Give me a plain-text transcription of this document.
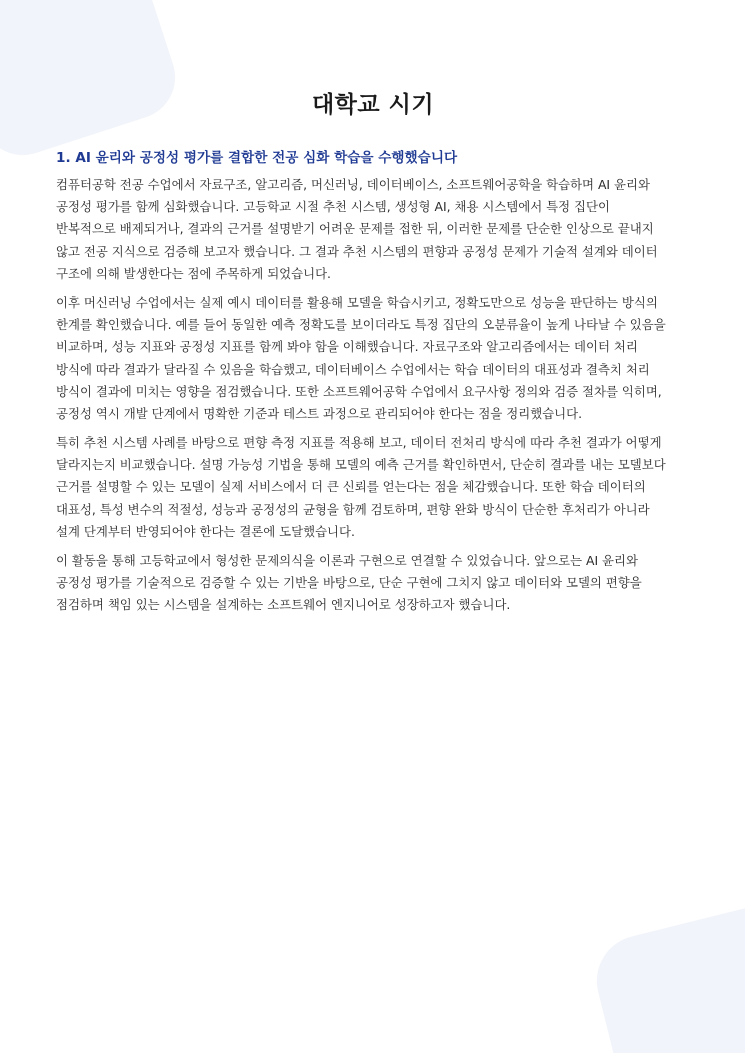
대학교 시기
1. AI 윤리와 공정성 평가를 결합한 전공 심화 학습을 수행했습니다

컴퓨터공학 전공 수업에서 자료구조, 알고리즘, 머신러닝, 데이터베이스, 소프트웨어공학을 학습하며 AI 윤리와
공정성 평가를 함께 심화했습니다. 고등학교 시절 추천 시스템, 생성형 AI, 채용 시스템에서 특정 집단이
반복적으로 배제되거나, 결과의 근거를 설명받기 어려운 문제를 접한 뒤, 이러한 문제를 단순한 인상으로 끝내지
않고 전공 지식으로 검증해 보고자 했습니다. 그 결과 추천 시스템의 편향과 공정성 문제가 기술적 설계와 데이터
구조에 의해 발생한다는 점에 주목하게 되었습니다.

이후 머신러닝 수업에서는 실제 예시 데이터를 활용해 모델을 학습시키고, 정확도만으로 성능을 판단하는 방식의
한계를 확인했습니다. 예를 들어 동일한 예측 정확도를 보이더라도 특정 집단의 오분류율이 높게 나타날 수 있음을
비교하며, 성능 지표와 공정성 지표를 함께 봐야 함을 이해했습니다. 자료구조와 알고리즘에서는 데이터 처리
방식에 따라 결과가 달라질 수 있음을 학습했고, 데이터베이스 수업에서는 학습 데이터의 대표성과 결측치 처리
방식이 결과에 미치는 영향을 점검했습니다. 또한 소프트웨어공학 수업에서 요구사항 정의와 검증 절차를 익히며,
공정성 역시 개발 단계에서 명확한 기준과 테스트 과정으로 관리되어야 한다는 점을 정리했습니다.

특히 추천 시스템 사례를 바탕으로 편향 측정 지표를 적용해 보고, 데이터 전처리 방식에 따라 추천 결과가 어떻게
달라지는지 비교했습니다. 설명 가능성 기법을 통해 모델의 예측 근거를 확인하면서, 단순히 결과를 내는 모델보다
근거를 설명할 수 있는 모델이 실제 서비스에서 더 큰 신뢰를 얻는다는 점을 체감했습니다. 또한 학습 데이터의
대표성, 특성 변수의 적절성, 성능과 공정성의 균형을 함께 검토하며, 편향 완화 방식이 단순한 후처리가 아니라
설계 단계부터 반영되어야 한다는 결론에 도달했습니다.

이 활동을 통해 고등학교에서 형성한 문제의식을 이론과 구현으로 연결할 수 있었습니다. 앞으로는 AI 윤리와
공정성 평가를 기술적으로 검증할 수 있는 기반을 바탕으로, 단순 구현에 그치지 않고 데이터와 모델의 편향을
점검하며 책임 있는 시스템을 설계하는 소프트웨어 엔지니어로 성장하고자 했습니다.
